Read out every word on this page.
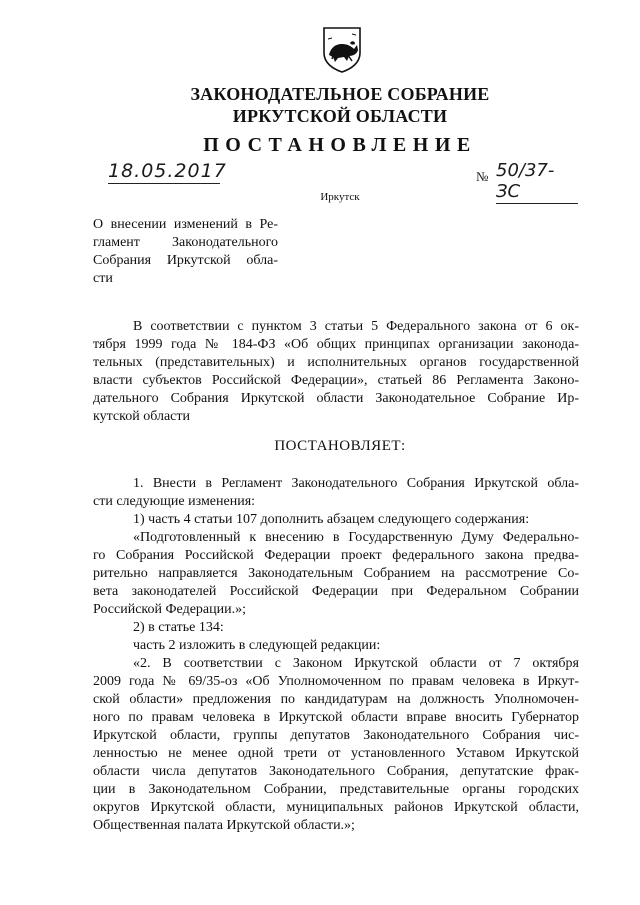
ЗАКОНОДАТЕЛЬНОЕ СОБРАНИЕ
ИРКУТСКОЙ ОБЛАСТИ
ПОСТАНОВЛЕНИЕ
18.05.2017	№ 50/37-ЗС
Иркутск
О внесении изменений в Ре-
гламент Законодательного
Собрания Иркутской обла-
сти
В соответствии с пунктом 3 статьи 5 Федерального закона от 6 ок-
тября 1999 года № 184-ФЗ «Об общих принципах организации законода-
тельных (представительных) и исполнительных органов государственной
власти субъектов Российской Федерации», статьей 86 Регламента Законо-
дательного Собрания Иркутской области Законодательное Собрание Ир-
кутской области
ПОСТАНОВЛЯЕТ:
1. Внести в Регламент Законодательного Собрания Иркутской обла-
сти следующие изменения:
1) часть 4 статьи 107 дополнить абзацем следующего содержания:
«Подготовленный к внесению в Государственную Думу Федерально-
го Собрания Российской Федерации проект федерального закона предва-
рительно направляется Законодательным Собранием на рассмотрение Со-
вета законодателей Российской Федерации при Федеральном Собрании
Российской Федерации.»;
2) в статье 134:
часть 2 изложить в следующей редакции:
«2. В соответствии с Законом Иркутской области от 7 октября
2009 года № 69/35-оз «Об Уполномоченном по правам человека в Иркут-
ской области» предложения по кандидатурам на должность Уполномочен-
ного по правам человека в Иркутской области вправе вносить Губернатор
Иркутской области, группы депутатов Законодательного Собрания чис-
ленностью не менее одной трети от установленного Уставом Иркутской
области числа депутатов Законодательного Собрания, депутатские фрак-
ции в Законодательном Собрании, представительные органы городских
округов Иркутской области, муниципальных районов Иркутской области,
Общественная палата Иркутской области.»;
